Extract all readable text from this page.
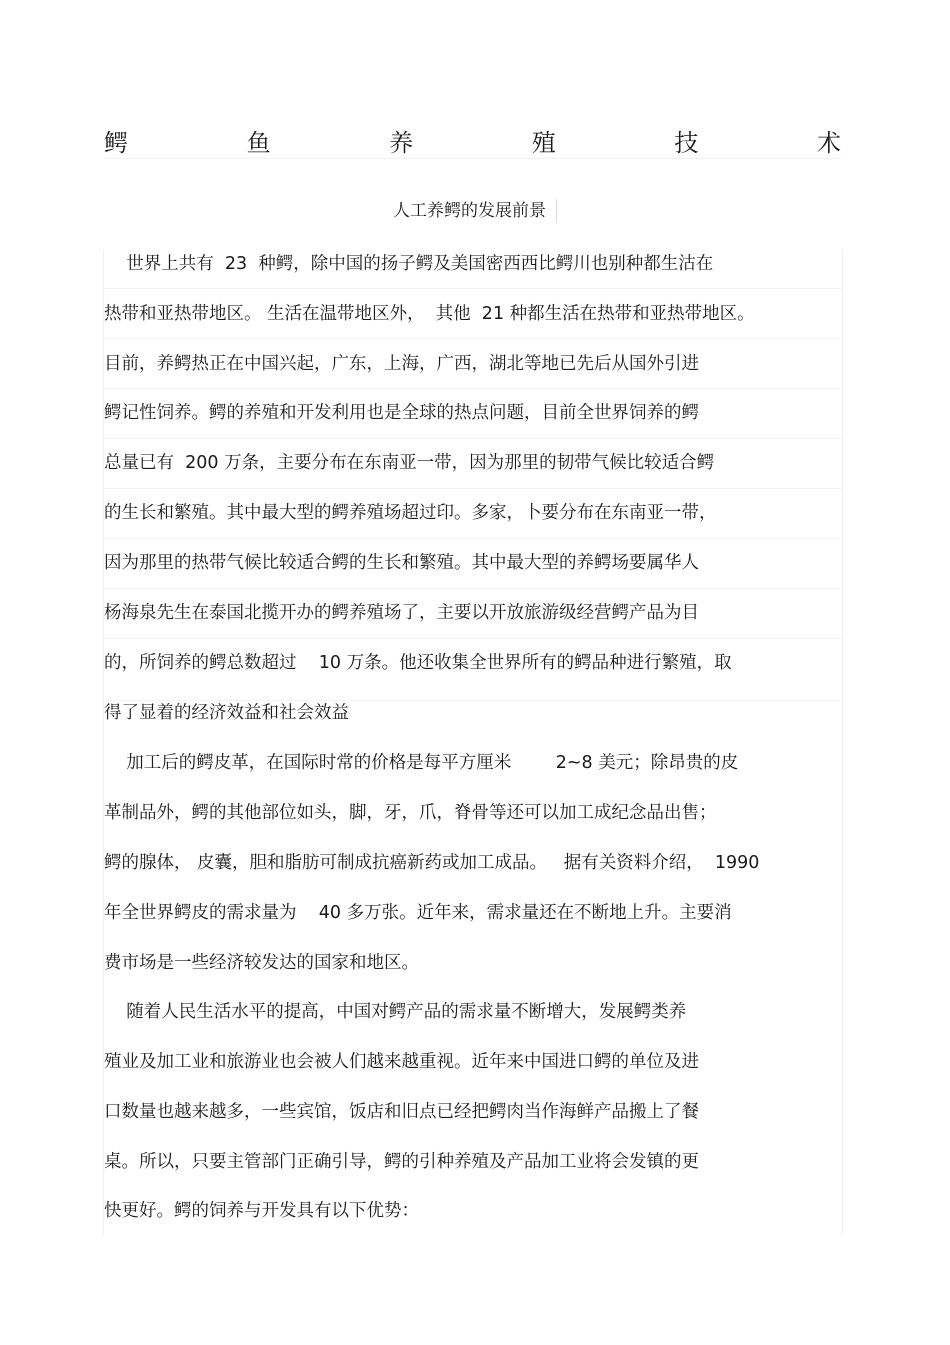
鳄	鱼	养	殖	技	术
人工养鳄的发展前景
世界上共有  23  种鳄，除中国的扬子鳄及美国密西西比鳄川也别种都生沽在
热带和亚热带地区。 生活在温带地区外，  其他  21 种都生活在热带和亚热带地区。
目前，养鳄热正在中国兴起，广东，上海，广西，湖北等地已先后从国外引进
鳄记性饲养。鳄的养殖和开发利用也是全球的热点问题，目前全世界饲养的鳄
总量已有  200 万条，主要分布在东南亚一带，因为那里的韧带气候比较适合鳄
的生长和繁殖。其中最大型的鳄养殖场超过印。多家，卜要分布在东南亚一带，
因为那里的热带气候比较适合鳄的生长和繁殖。其中最大型的养鳄场要属华人
杨海泉先生在泰国北揽开办的鳄养殖场了，主要以开放旅游级经营鳄产品为目
的，所饲养的鳄总数超过    10 万条。他还收集全世界所有的鳄品种进行繁殖，取
得了显着的经济效益和社会效益
加工后的鳄皮革，在国际时常的价格是每平方厘米        2~8 美元；除昂贵的皮
革制品外，鳄的其他部位如头，脚，牙，爪，脊骨等还可以加工成纪念品出售；
鳄的腺体， 皮囊，胆和脂肪可制成抗癌新药或加工成品。   据有关资料介绍，  1990
年全世界鳄皮的需求量为    40 多万张。近年来，需求量还在不断地上升。主要消
费市场是一些经济较发达的国家和地区。
随着人民生活水平的提高，中国对鳄产品的需求量不断增大，发展鳄类养
殖业及加工业和旅游业也会被人们越来越重视。近年来中国进口鳄的单位及进
口数量也越来越多，一些宾馆，饭店和旧点已经把鳄肉当作海鲜产品搬上了餐
桌。所以，只要主管部门正确引导，鳄的引种养殖及产品加工业将会发镇的更
快更好。鳄的饲养与开发具有以下优势：
